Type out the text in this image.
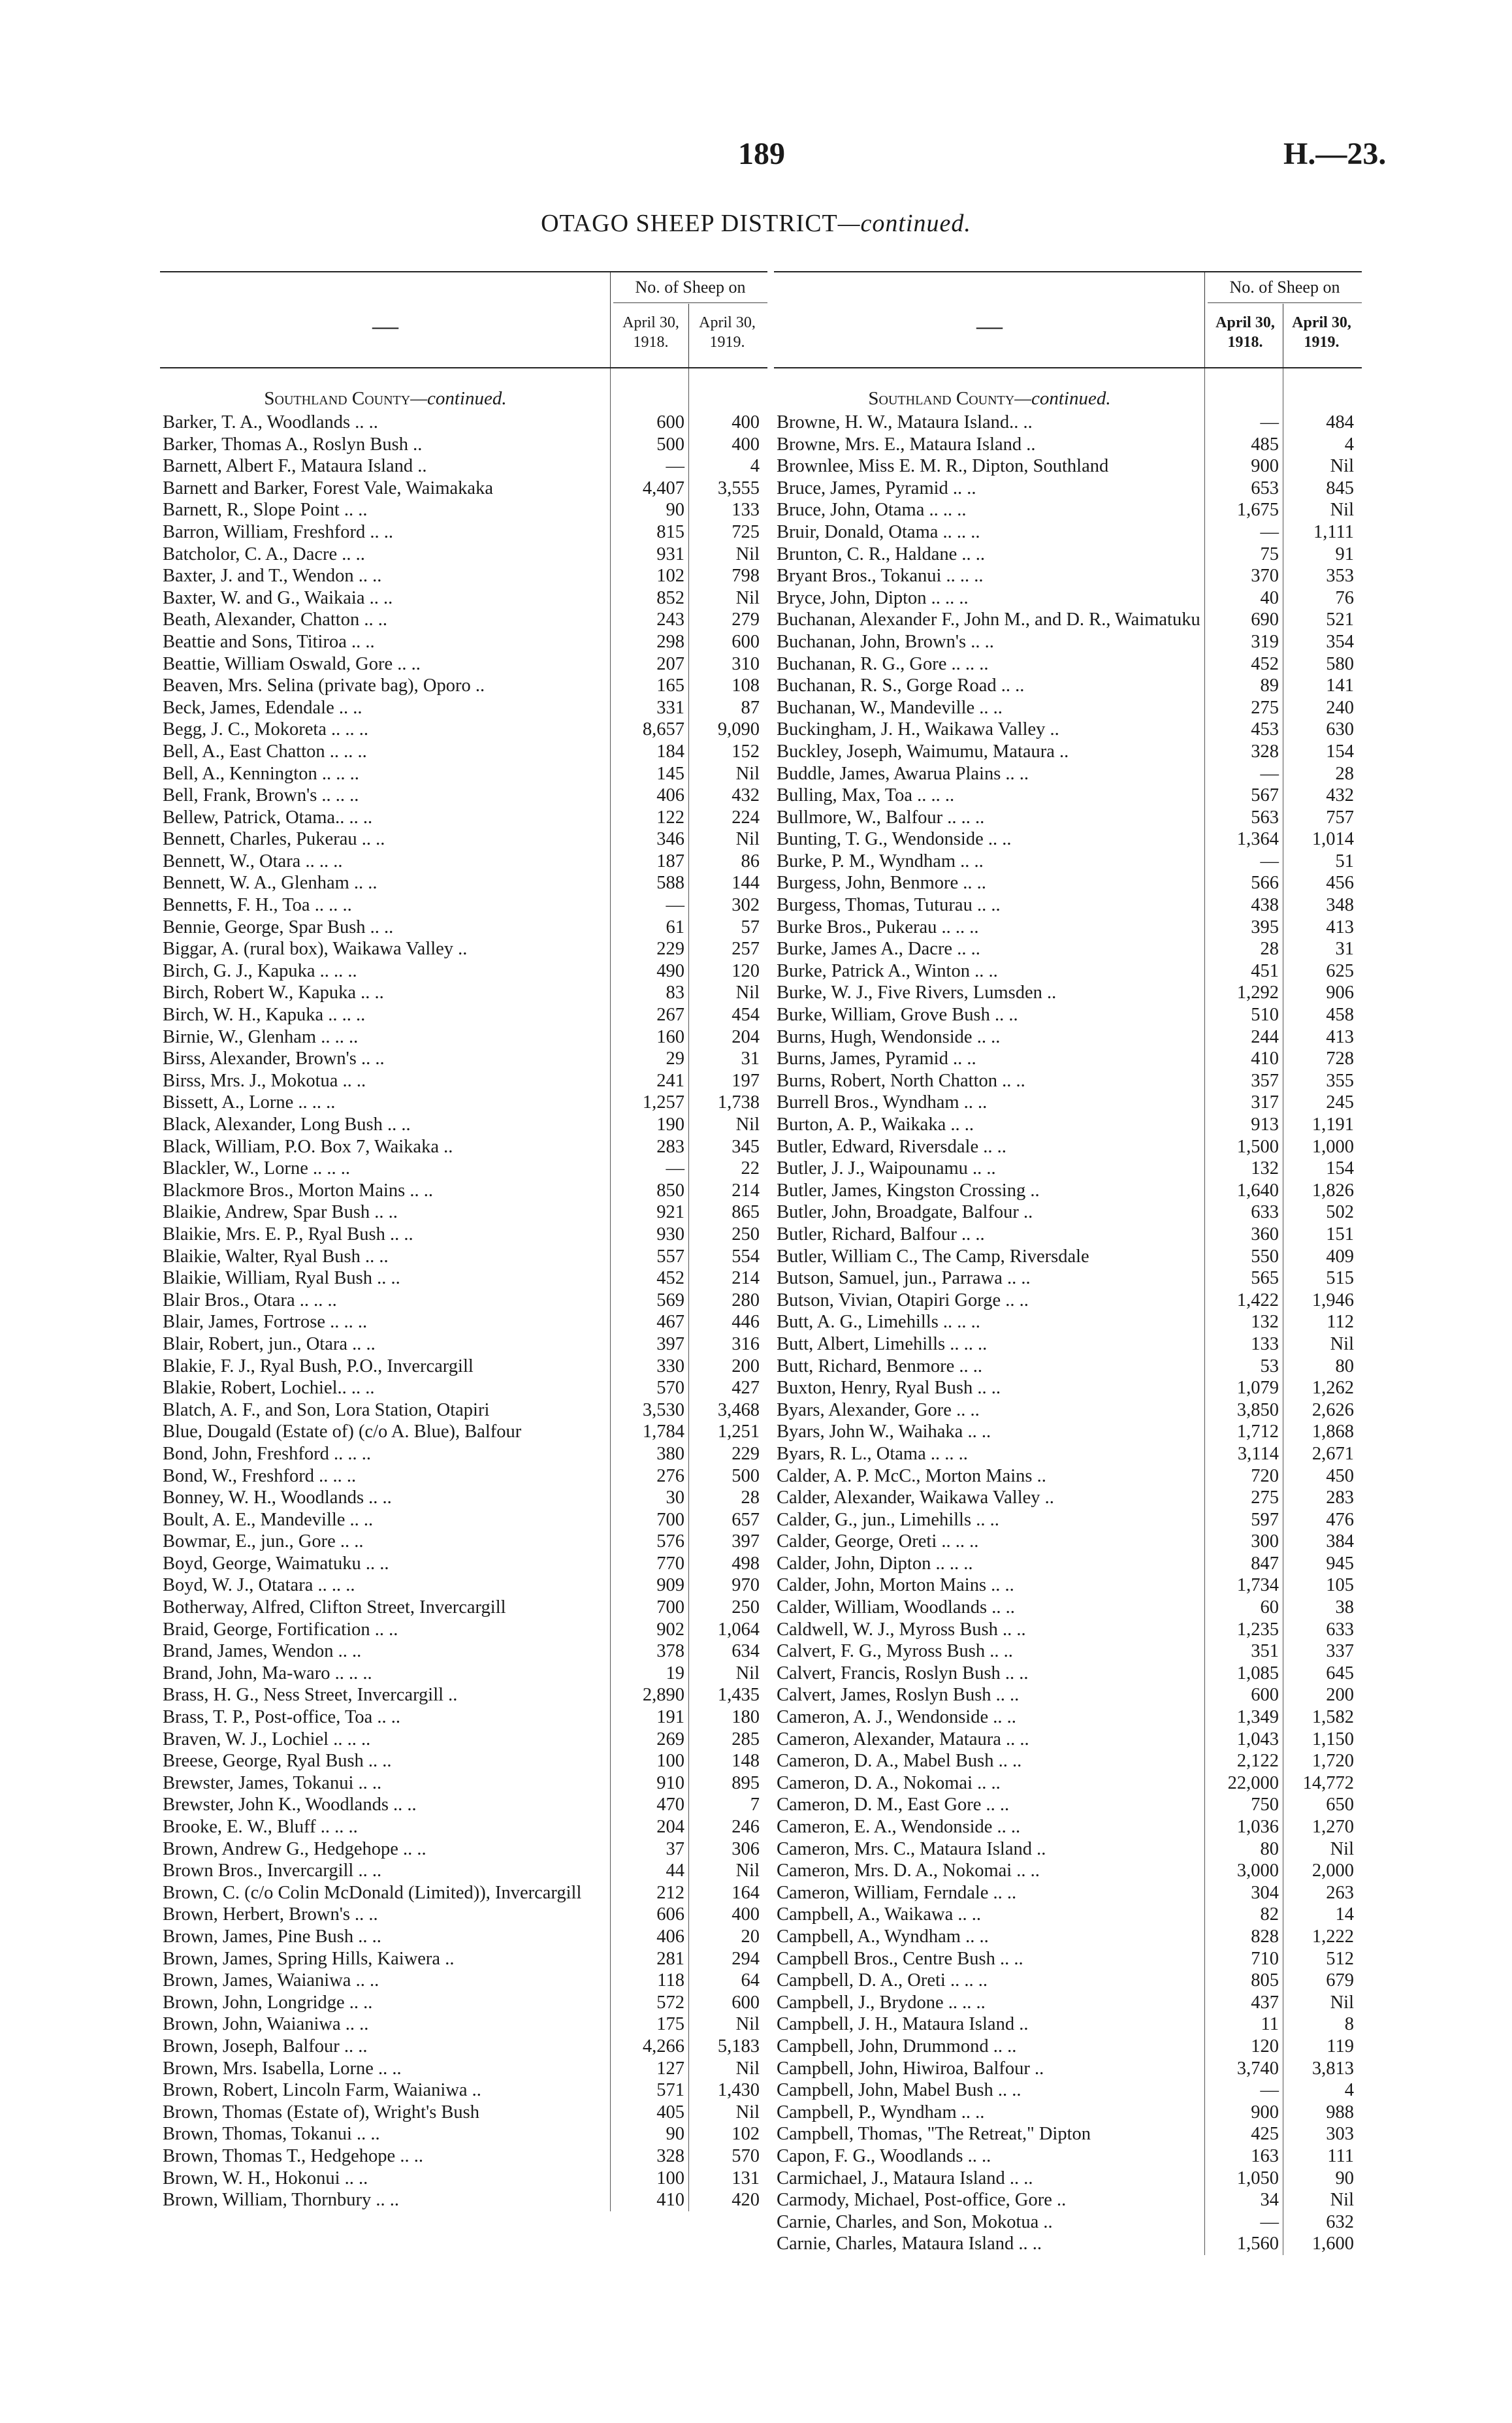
189	H.—23.
OTAGO SHEEP DISTRICT—continued.
—
No. of Sheep on
April 30,
1918.
April 30,
1919.
Southland County—continued.
Barker, T. A., Woodlands .. ..	600	400
Barker, Thomas A., Roslyn Bush ..	500	400
Barnett, Albert F., Mataura Island ..	—	4
Barnett and Barker, Forest Vale, Waimakaka	4,407	3,555
Barnett, R., Slope Point .. ..	90	133
Barron, William, Freshford .. ..	815	725
Batcholor, C. A., Dacre .. ..	931	Nil
Baxter, J. and T., Wendon .. ..	102	798
Baxter, W. and G., Waikaia .. ..	852	Nil
Beath, Alexander, Chatton .. ..	243	279
Beattie and Sons, Titiroa .. ..	298	600
Beattie, William Oswald, Gore .. ..	207	310
Beaven, Mrs. Selina (private bag), Oporo ..	165	108
Beck, James, Edendale .. ..	331	87
Begg, J. C., Mokoreta .. .. ..	8,657	9,090
Bell, A., East Chatton .. .. ..	184	152
Bell, A., Kennington .. .. ..	145	Nil
Bell, Frank, Brown's .. .. ..	406	432
Bellew, Patrick, Otama.. .. ..	122	224
Bennett, Charles, Pukerau .. ..	346	Nil
Bennett, W., Otara .. .. ..	187	86
Bennett, W. A., Glenham .. ..	588	144
Bennetts, F. H., Toa .. .. ..	—	302
Bennie, George, Spar Bush .. ..	61	57
Biggar, A. (rural box), Waikawa Valley ..	229	257
Birch, G. J., Kapuka .. .. ..	490	120
Birch, Robert W., Kapuka .. ..	83	Nil
Birch, W. H., Kapuka .. .. ..	267	454
Birnie, W., Glenham .. .. ..	160	204
Birss, Alexander, Brown's .. ..	29	31
Birss, Mrs. J., Mokotua .. ..	241	197
Bissett, A., Lorne .. .. ..	1,257	1,738
Black, Alexander, Long Bush .. ..	190	Nil
Black, William, P.O. Box 7, Waikaka ..	283	345
Blackler, W., Lorne .. .. ..	—	22
Blackmore Bros., Morton Mains .. ..	850	214
Blaikie, Andrew, Spar Bush .. ..	921	865
Blaikie, Mrs. E. P., Ryal Bush .. ..	930	250
Blaikie, Walter, Ryal Bush .. ..	557	554
Blaikie, William, Ryal Bush .. ..	452	214
Blair Bros., Otara .. .. ..	569	280
Blair, James, Fortrose .. .. ..	467	446
Blair, Robert, jun., Otara .. ..	397	316
Blakie, F. J., Ryal Bush, P.O., Invercargill	330	200
Blakie, Robert, Lochiel.. .. ..	570	427
Blatch, A. F., and Son, Lora Station, Otapiri	3,530	3,468
Blue, Dougald (Estate of) (c/o A. Blue), Balfour	1,784	1,251
Bond, John, Freshford .. .. ..	380	229
Bond, W., Freshford .. .. ..	276	500
Bonney, W. H., Woodlands .. ..	30	28
Boult, A. E., Mandeville .. ..	700	657
Bowmar, E., jun., Gore .. ..	576	397
Boyd, George, Waimatuku .. ..	770	498
Boyd, W. J., Otatara .. .. ..	909	970
Botherway, Alfred, Clifton Street, Invercargill	700	250
Braid, George, Fortification .. ..	902	1,064
Brand, James, Wendon .. ..	378	634
Brand, John, Ma-waro .. .. ..	19	Nil
Brass, H. G., Ness Street, Invercargill ..	2,890	1,435
Brass, T. P., Post-office, Toa .. ..	191	180
Braven, W. J., Lochiel .. .. ..	269	285
Breese, George, Ryal Bush .. ..	100	148
Brewster, James, Tokanui .. ..	910	895
Brewster, John K., Woodlands .. ..	470	7
Brooke, E. W., Bluff .. .. ..	204	246
Brown, Andrew G., Hedgehope .. ..	37	306
Brown Bros., Invercargill .. ..	44	Nil
Brown, C. (c/o Colin McDonald (Limited)), Invercargill	212	164
Brown, Herbert, Brown's .. ..	606	400
Brown, James, Pine Bush .. ..	406	20
Brown, James, Spring Hills, Kaiwera ..	281	294
Brown, James, Waianiwa .. ..	118	64
Brown, John, Longridge .. ..	572	600
Brown, John, Waianiwa .. ..	175	Nil
Brown, Joseph, Balfour .. ..	4,266	5,183
Brown, Mrs. Isabella, Lorne .. ..	127	Nil
Brown, Robert, Lincoln Farm, Waianiwa ..	571	1,430
Brown, Thomas (Estate of), Wright's Bush	405	Nil
Brown, Thomas, Tokanui .. ..	90	102
Brown, Thomas T., Hedgehope .. ..	328	570
Brown, W. H., Hokonui .. ..	100	131
Brown, William, Thornbury .. ..	410	420
—
No. of Sheep on
April 30,
1918.
April 30,
1919.
Southland County—continued.
Browne, H. W., Mataura Island.. ..	—	484
Browne, Mrs. E., Mataura Island ..	485	4
Brownlee, Miss E. M. R., Dipton, Southland	900	Nil
Bruce, James, Pyramid .. ..	653	845
Bruce, John, Otama .. .. ..	1,675	Nil
Bruir, Donald, Otama .. .. ..	—	1,111
Brunton, C. R., Haldane .. ..	75	91
Bryant Bros., Tokanui .. .. ..	370	353
Bryce, John, Dipton .. .. ..	40	76
Buchanan, Alexander F., John M., and D. R., Waimatuku	690	521
Buchanan, John, Brown's .. ..	319	354
Buchanan, R. G., Gore .. .. ..	452	580
Buchanan, R. S., Gorge Road .. ..	89	141
Buchanan, W., Mandeville .. ..	275	240
Buckingham, J. H., Waikawa Valley ..	453	630
Buckley, Joseph, Waimumu, Mataura ..	328	154
Buddle, James, Awarua Plains .. ..	—	28
Bulling, Max, Toa .. .. ..	567	432
Bullmore, W., Balfour .. .. ..	563	757
Bunting, T. G., Wendonside .. ..	1,364	1,014
Burke, P. M., Wyndham .. ..	—	51
Burgess, John, Benmore .. ..	566	456
Burgess, Thomas, Tuturau .. ..	438	348
Burke Bros., Pukerau .. .. ..	395	413
Burke, James A., Dacre .. ..	28	31
Burke, Patrick A., Winton .. ..	451	625
Burke, W. J., Five Rivers, Lumsden ..	1,292	906
Burke, William, Grove Bush .. ..	510	458
Burns, Hugh, Wendonside .. ..	244	413
Burns, James, Pyramid .. ..	410	728
Burns, Robert, North Chatton .. ..	357	355
Burrell Bros., Wyndham .. ..	317	245
Burton, A. P., Waikaka .. ..	913	1,191
Butler, Edward, Riversdale .. ..	1,500	1,000
Butler, J. J., Waipounamu .. ..	132	154
Butler, James, Kingston Crossing ..	1,640	1,826
Butler, John, Broadgate, Balfour ..	633	502
Butler, Richard, Balfour .. ..	360	151
Butler, William C., The Camp, Riversdale	550	409
Butson, Samuel, jun., Parrawa .. ..	565	515
Butson, Vivian, Otapiri Gorge .. ..	1,422	1,946
Butt, A. G., Limehills .. .. ..	132	112
Butt, Albert, Limehills .. .. ..	133	Nil
Butt, Richard, Benmore .. ..	53	80
Buxton, Henry, Ryal Bush .. ..	1,079	1,262
Byars, Alexander, Gore .. ..	3,850	2,626
Byars, John W., Waihaka .. ..	1,712	1,868
Byars, R. L., Otama .. .. ..	3,114	2,671
Calder, A. P. McC., Morton Mains ..	720	450
Calder, Alexander, Waikawa Valley ..	275	283
Calder, G., jun., Limehills .. ..	597	476
Calder, George, Oreti .. .. ..	300	384
Calder, John, Dipton .. .. ..	847	945
Calder, John, Morton Mains .. ..	1,734	105
Calder, William, Woodlands .. ..	60	38
Caldwell, W. J., Myross Bush .. ..	1,235	633
Calvert, F. G., Myross Bush .. ..	351	337
Calvert, Francis, Roslyn Bush .. ..	1,085	645
Calvert, James, Roslyn Bush .. ..	600	200
Cameron, A. J., Wendonside .. ..	1,349	1,582
Cameron, Alexander, Mataura .. ..	1,043	1,150
Cameron, D. A., Mabel Bush .. ..	2,122	1,720
Cameron, D. A., Nokomai .. ..	22,000	14,772
Cameron, D. M., East Gore .. ..	750	650
Cameron, E. A., Wendonside .. ..	1,036	1,270
Cameron, Mrs. C., Mataura Island ..	80	Nil
Cameron, Mrs. D. A., Nokomai .. ..	3,000	2,000
Cameron, William, Ferndale .. ..	304	263
Campbell, A., Waikawa .. ..	82	14
Campbell, A., Wyndham .. ..	828	1,222
Campbell Bros., Centre Bush .. ..	710	512
Campbell, D. A., Oreti .. .. ..	805	679
Campbell, J., Brydone .. .. ..	437	Nil
Campbell, J. H., Mataura Island ..	11	8
Campbell, John, Drummond .. ..	120	119
Campbell, John, Hiwiroa, Balfour ..	3,740	3,813
Campbell, John, Mabel Bush .. ..	—	4
Campbell, P., Wyndham .. ..	900	988
Campbell, Thomas, "The Retreat," Dipton	425	303
Capon, F. G., Woodlands .. ..	163	111
Carmichael, J., Mataura Island .. ..	1,050	90
Carmody, Michael, Post-office, Gore ..	34	Nil
Carnie, Charles, and Son, Mokotua ..	—	632
Carnie, Charles, Mataura Island .. ..	1,560	1,600
